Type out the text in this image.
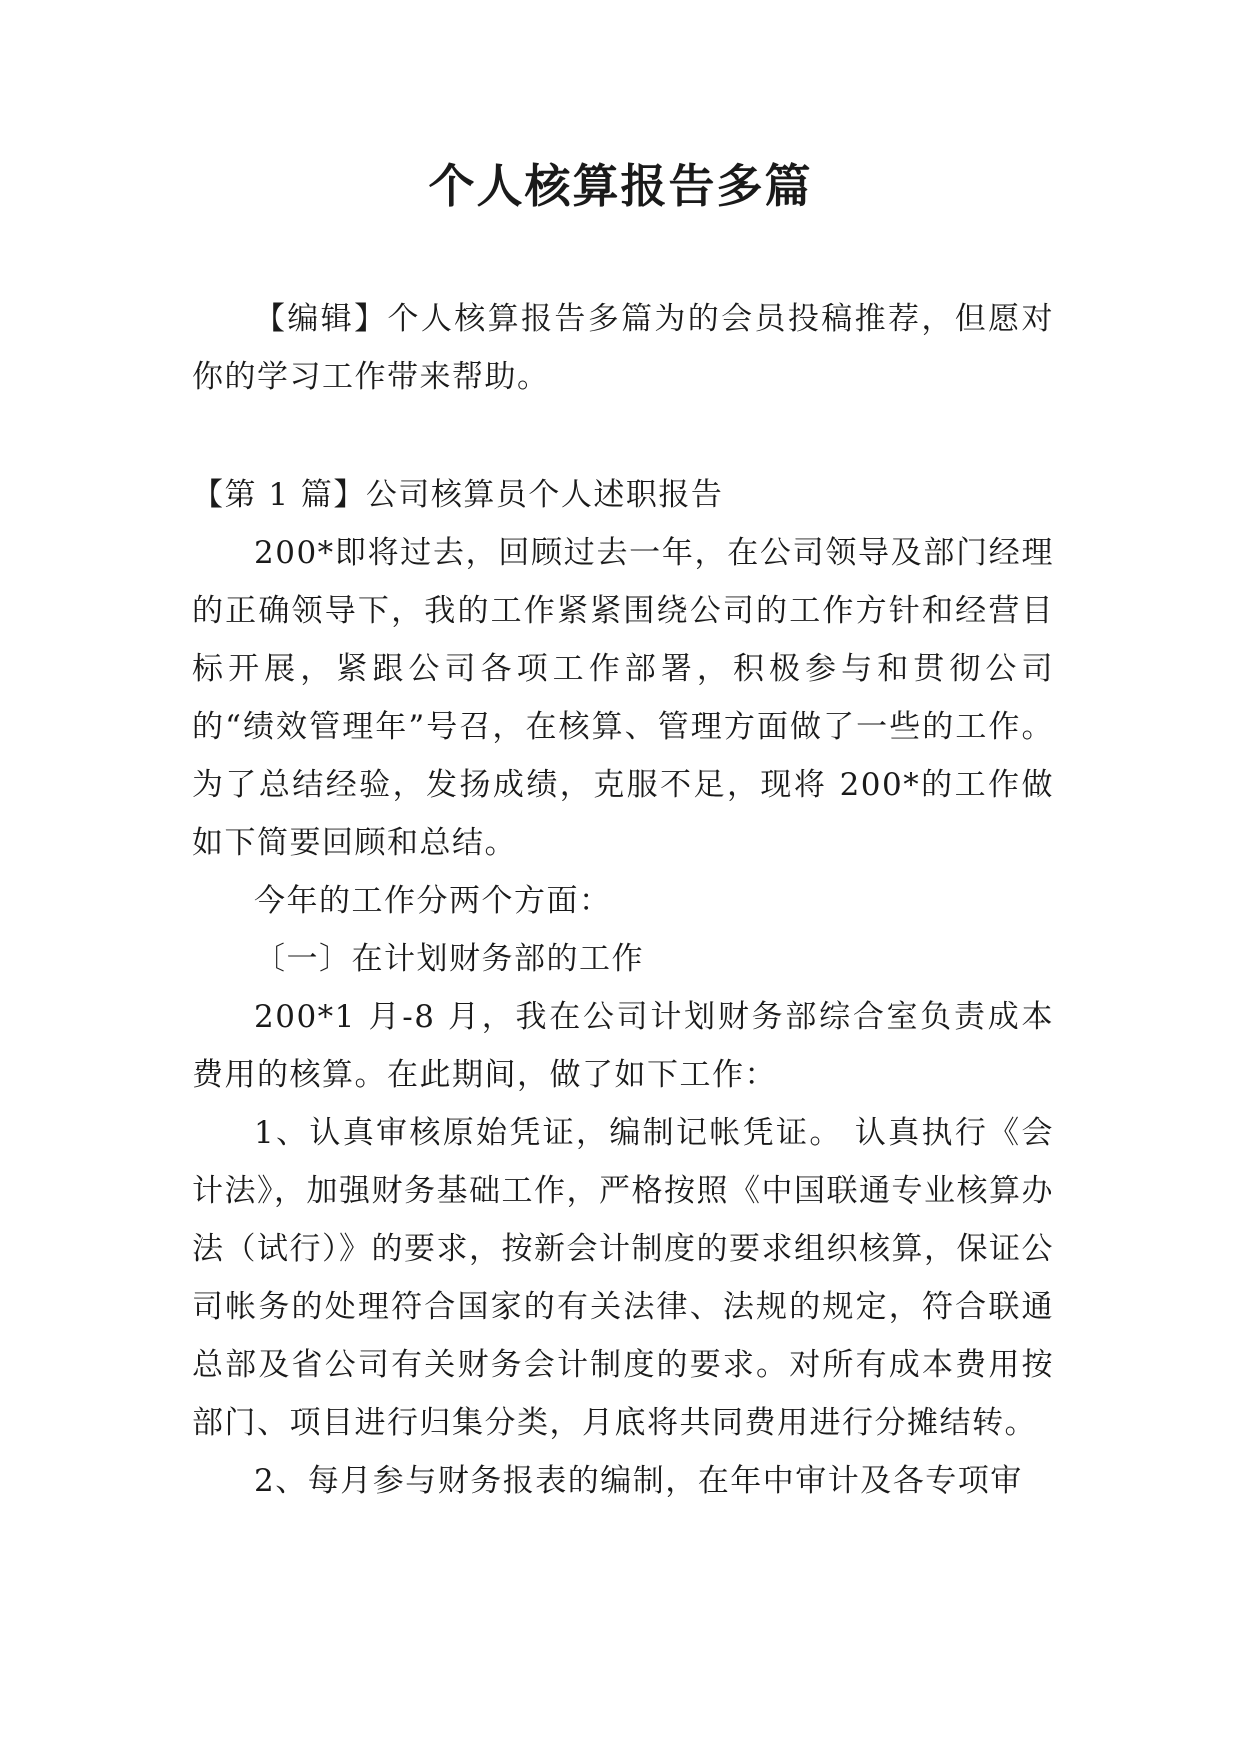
个人核算报告多篇

【编辑】个人核算报告多篇为的会员投稿推荐，但愿对你的学习工作带来帮助。

【第 1 篇】公司核算员个人述职报告

200*即将过去，回顾过去一年，在公司领导及部门经理的正确领导下，我的工作紧紧围绕公司的工作方针和经营目标开展，紧跟公司各项工作部署，积极参与和贯彻公司的“绩效管理年”号召，在核算、管理方面做了一些的工作。为了总结经验，发扬成绩，克服不足，现将 200*的工作做如下简要回顾和总结。

今年的工作分两个方面：

〔一〕在计划财务部的工作

200*1 月-8 月，我在公司计划财务部综合室负责成本费用的核算。在此期间，做了如下工作：

1、认真审核原始凭证，编制记帐凭证。 认真执行《会计法》，加强财务基础工作，严格按照《中国联通专业核算办法（试行）》的要求，按新会计制度的要求组织核算，保证公司帐务的处理符合国家的有关法律、法规的规定，符合联通总部及省公司有关财务会计制度的要求。对所有成本费用按部门、项目进行归集分类，月底将共同费用进行分摊结转。

2、每月参与财务报表的编制，在年中审计及各专项审
